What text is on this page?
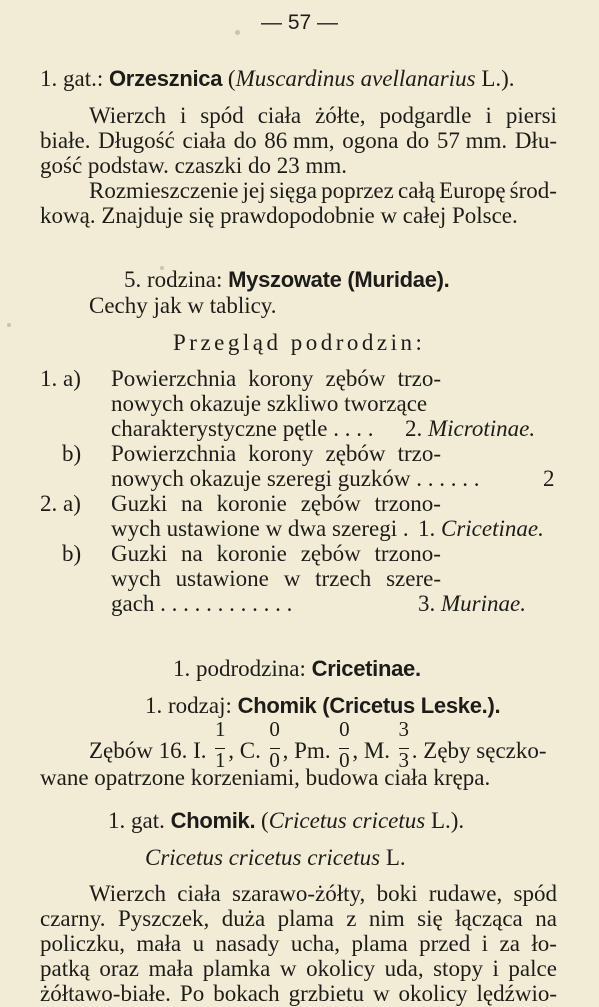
— 57 —
1. gat.: Orzesznica (Muscardinus avellanarius L.).
Wierzch i spód ciała żółte, podgardle i piersi
białe. Długość ciała do 86 mm, ogona do 57 mm. Dłu-
gość podstaw. czaszki do 23 mm.
Rozmieszczenie jej sięga poprzez całą Europę środ-
kową. Znajduje się prawdopodobnie w całej Polsce.
5. rodzina: Myszowate (Muridae).
Cechy jak w tablicy.
Przegląd podrodzin:
1. a) Powierzchnia korony zębów trzo-
nowych okazuje szkliwo tworzące
charakterystyczne pętle . . . . 2. Microtinae.
b) Powierzchnia korony zębów trzo-
nowych okazuje szeregi guzków . . . . . .	2
2. a) Guzki na koronie zębów trzono-
wych ustawione w dwa szeregi . 1. Cricetinae.
b) Guzki na koronie zębów trzono-
wych ustawione w trzech szere-
gach . . . . . . . . . . . .	3. Murinae.
1. podrodzina: Cricetinae.
1. rodzaj: Chomik (Cricetus Leske.).
Zębów 16. I. $\frac{1}{1}$ , C. $\frac{0}{0}$ , Pm. $\frac{0}{0}$ , M. $\frac{3}{3}$ . Zęby sęczko-
wane opatrzone korzeniami, budowa ciała krępa.
1. gat. Chomik. (Cricetus cricetus L.).
Cricetus cricetus cricetus L.
Wierzch ciała szarawo-żółty, boki rudawe, spód
czarny. Pyszczek, duża plama z nim się łącząca na
policzku, mała u nasady ucha, plama przed i za ło-
patką oraz mała plamka w okolicy uda, stopy i palce
żółtawo-białe. Po bokach grzbietu w okolicy lędźwio-
